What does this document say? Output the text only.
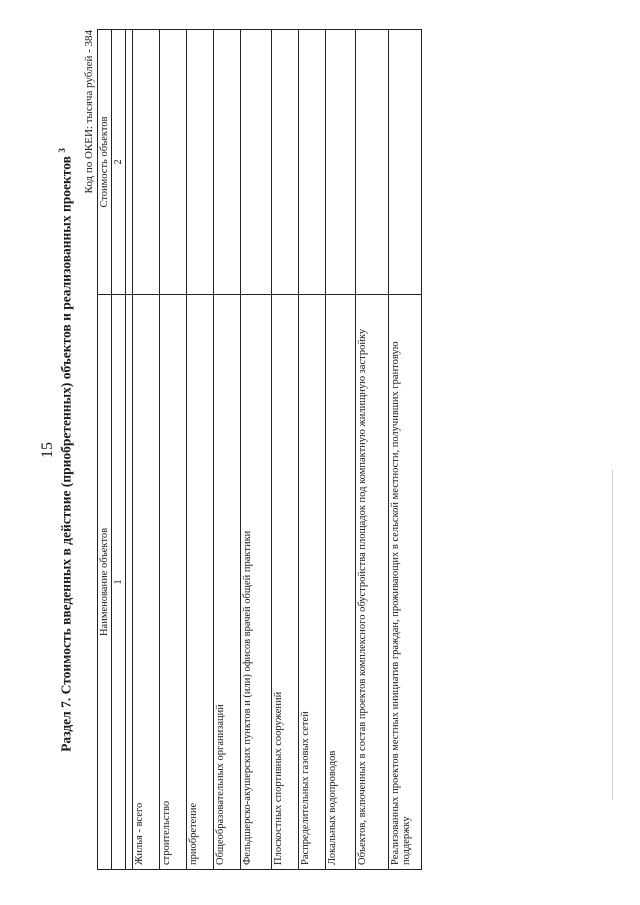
15 Раздел 7. Стоимость введенных в действие (приобретенных) объектов и реализованных проектов $^3$	Код по ОКЕИ: тысяча рублей - 384
Наименование объектов	Стоимость объектов
1	2

Жилья - всего	
строительство	
приобретение	
Общеобразовательных организаций	
Фельдшерско-акушерских пунктов и (или) офисов врачей общей практики	
Плоскостных спортивных сооружений	
Распределительных газовых сетей	
Локальных водопроводов	
Объектов, включенных в состав проектов комплексного обустройства площадок под компактную жилищную застройку	
Реализованных проектов местных инициатив граждан, проживающих в сельской местности, получивших грантовую поддержку	
